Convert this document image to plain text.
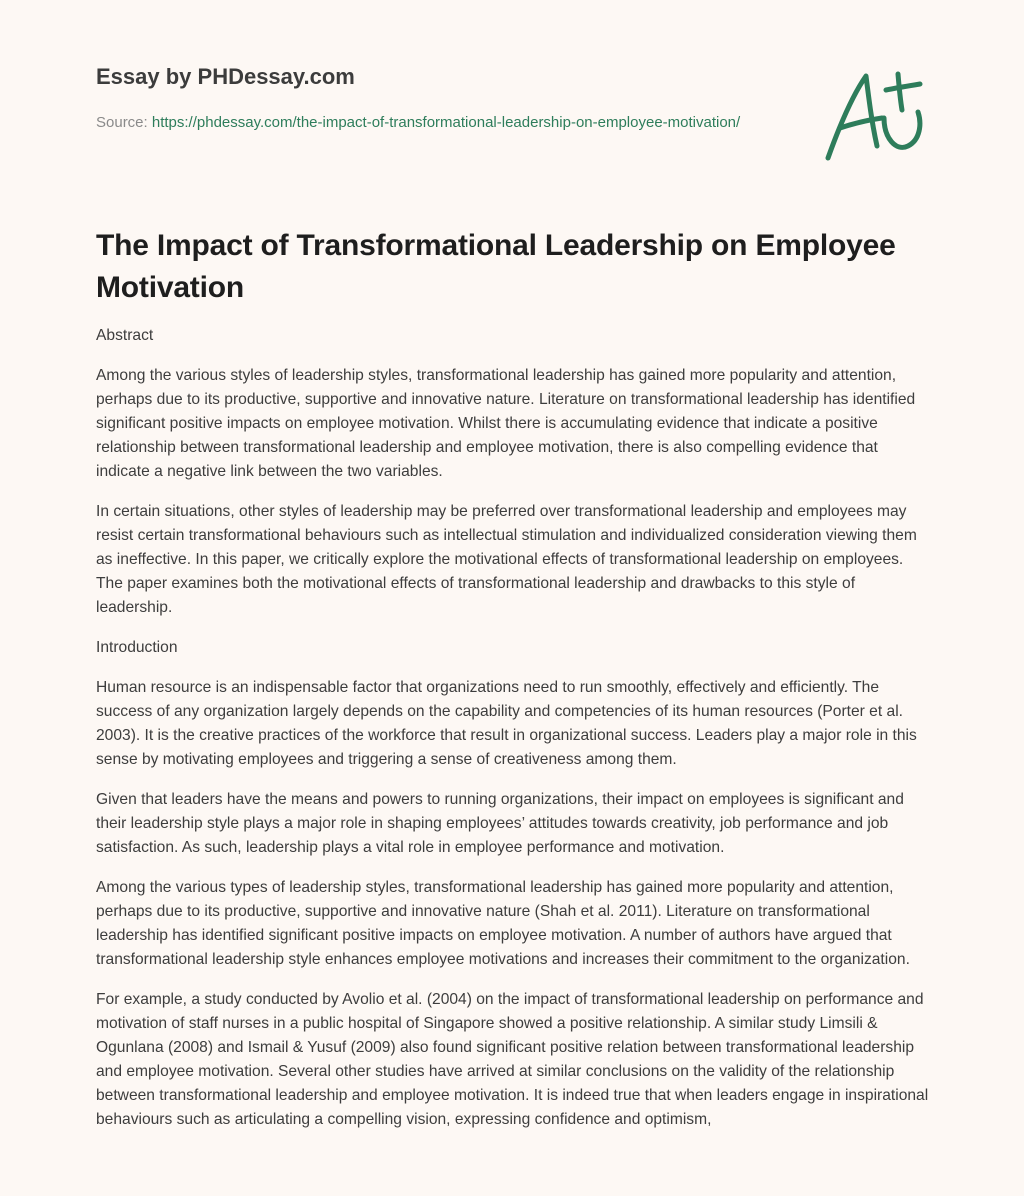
Essay by PHDessay.com
Source: https://phdessay.com/the-impact-of-transformational-leadership-on-employee-motivation/
The Impact of Transformational Leadership on Employee Motivation

Abstract

Among the various styles of leadership styles, transformational leadership has gained more popularity and attention, perhaps due to its productive, supportive and innovative nature. Literature on transformational leadership has identified significant positive impacts on employee motivation. Whilst there is accumulating evidence that indicate a positive relationship between transformational leadership and employee motivation, there is also compelling evidence that indicate a negative link between the two variables.

In certain situations, other styles of leadership may be preferred over transformational leadership and employees may resist certain transformational behaviours such as intellectual stimulation and individualized consideration viewing them as ineffective. In this paper, we critically explore the motivational effects of transformational leadership on employees. The paper examines both the motivational effects of transformational leadership and drawbacks to this style of leadership.

Introduction

Human resource is an indispensable factor that organizations need to run smoothly, effectively and efficiently. The success of any organization largely depends on the capability and competencies of its human resources (Porter et al. 2003). It is the creative practices of the workforce that result in organizational success. Leaders play a major role in this sense by motivating employees and triggering a sense of creativeness among them.

Given that leaders have the means and powers to running organizations, their impact on employees is significant and their leadership style plays a major role in shaping employees’ attitudes towards creativity, job performance and job satisfaction. As such, leadership plays a vital role in employee performance and motivation.

Among the various types of leadership styles, transformational leadership has gained more popularity and attention, perhaps due to its productive, supportive and innovative nature (Shah et al. 2011). Literature on transformational leadership has identified significant positive impacts on employee motivation. A number of authors have argued that transformational leadership style enhances employee motivations and increases their commitment to the organization.

For example, a study conducted by Avolio et al. (2004) on the impact of transformational leadership on performance and motivation of staff nurses in a public hospital of Singapore showed a positive relationship. A similar study Limsili & Ogunlana (2008) and Ismail & Yusuf (2009) also found significant positive relation between transformational leadership and employee motivation. Several other studies have arrived at similar conclusions on the validity of the relationship between transformational leadership and employee motivation. It is indeed true that when leaders engage in inspirational behaviours such as articulating a compelling vision, expressing confidence and optimism,
